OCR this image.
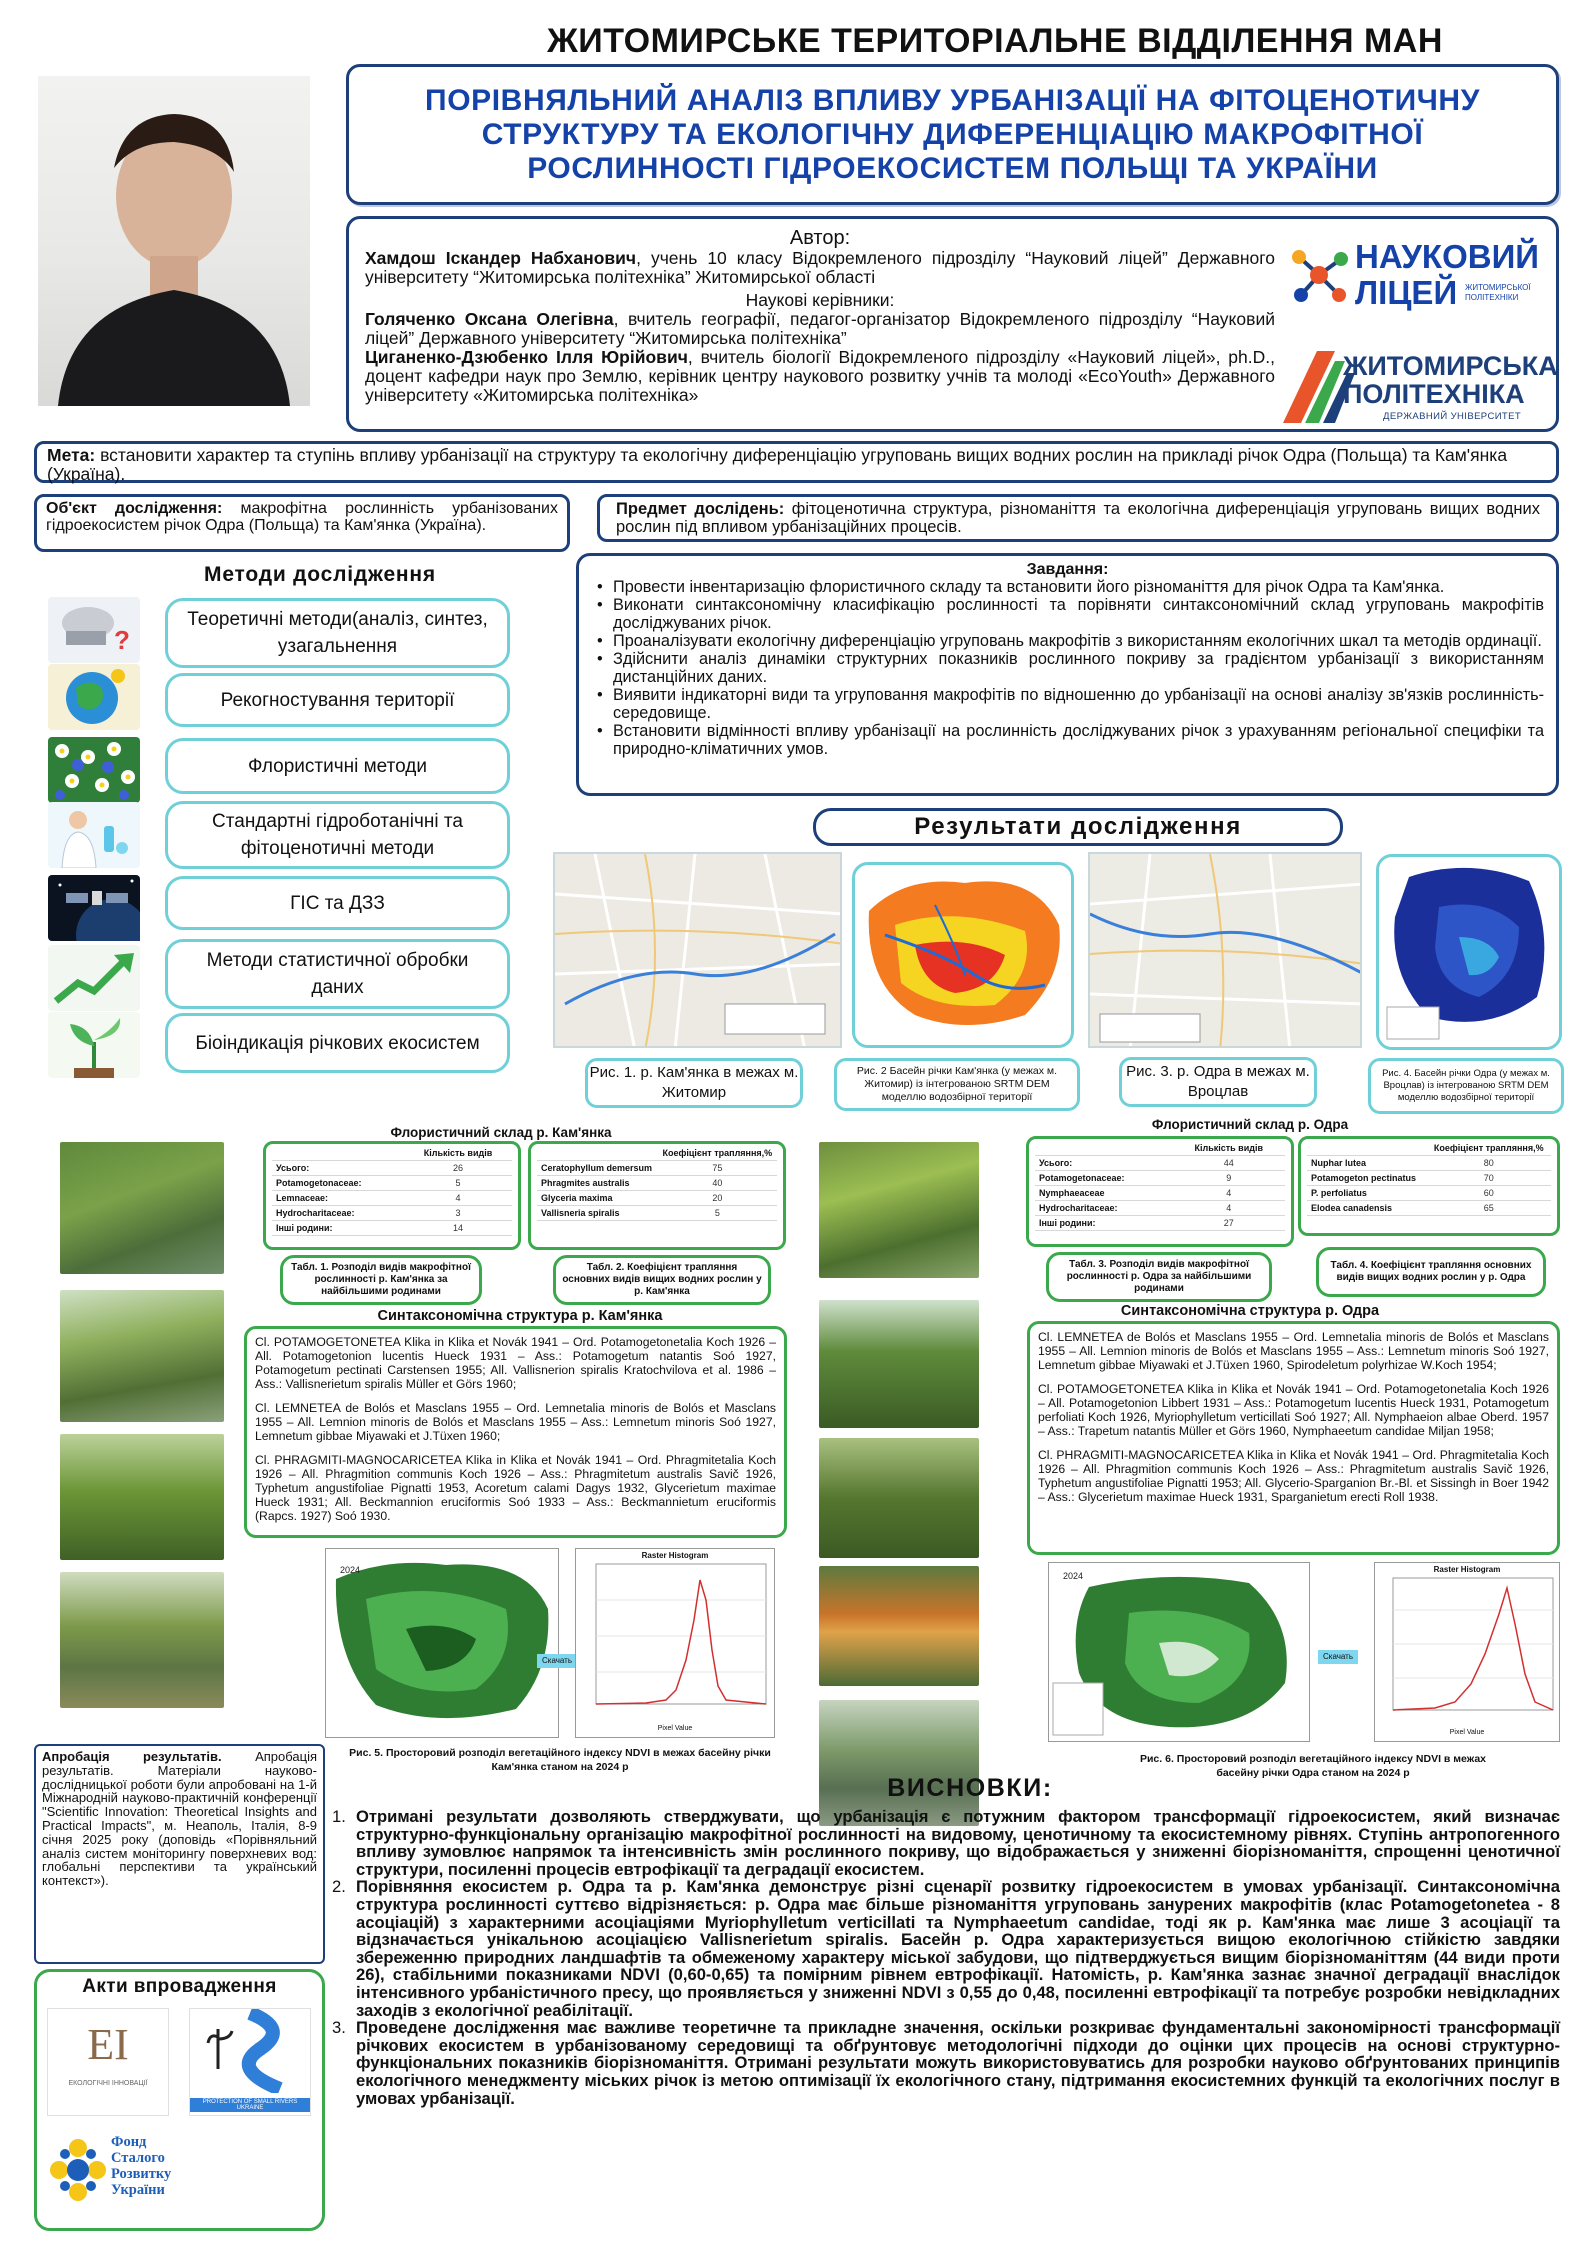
ЖИТОМИРСЬКЕ ТЕРИТОРІАЛЬНЕ ВІДДІЛЕННЯ МАН
ПОРІВНЯЛЬНИЙ АНАЛІЗ ВПЛИВУ УРБАНІЗАЦІЇ НА ФІТОЦЕНОТИЧНУ
СТРУКТУРУ ТА ЕКОЛОГІЧНУ ДИФЕРЕНЦІАЦІЮ МАКРОФІТНОЇ
РОСЛИННОСТІ ГІДРОЕКОСИСТЕМ ПОЛЬЩІ ТА УКРАЇНИ
Автор:
Хамдош Іскандер Набханович, учень 10 класу Відокремленого підрозділу “Науковий ліцей” Державного університету “Житомирська політехніка” Житомирської області
Наукові керівники:
Голяченко Оксана Олегівна, вчитель географії, педагог-організатор Відокремленого підрозділу “Науковий ліцей” Державного університету “Житомирська політехніка”
Циганенко-Дзюбенко Ілля Юрійович, вчитель біології Відокремленого підрозділу «Науковий ліцей», ph.D., доцент кафедри наук про Землю, керівник центру наукового розвитку учнів та молоді «EcoYouth» Державного університету «Житомирська політехніка»
НАУКОВИЙ
ЛІЦЕЙ ЖИТОМИРСЬКОЇ
ПОЛІТЕХНІКИ
ЖИТОМИРСЬКА
ПОЛІТЕХНІКА
ДЕРЖАВНИЙ УНІВЕРСИТЕТ
Мета: встановити характер та ступінь впливу урбанізації на структуру та екологічну диференціацію угруповань вищих водних рослин на прикладі річок Одра (Польща) та Кам'янка (Україна).
Об'єкт дослідження: макрофітна рослинність урбанізованих гідроекосистем річок Одра (Польща) та Кам'янка (Україна).
Предмет дослідень: фітоценотична структура, різноманіття та екологічна диференціація угруповань вищих водних рослин під впливом урбанізаційних процесів.
Завдання:
• Провести інвентаризацію флористичного складу та встановити його різноманіття для річок Одра та Кам'янка.
• Виконати синтаксономічну класифікацію рослинності та порівняти синтаксономічний склад угруповань макрофітів досліджуваних річок.
• Проаналізувати екологічну диференціацію угруповань макрофітів з використанням екологічних шкал та методів ординації.
• Здійснити аналіз динаміки структурних показників рослинного покриву за градієнтом урбанізації з використанням дистанційних даних.
• Виявити індикаторні види та угруповання макрофітів по відношенню до урбанізації на основі аналізу зв'язків рослинність-середовище.
• Встановити відмінності впливу урбанізації на рослинність досліджуваних річок з урахуванням регіональної специфіки та природно-кліматичних умов.
Методи дослідження
?
Теоретичні методи(аналіз, синтез, узагальнення
Рекогностування території
Флористичні методи
Стандартні гідроботанічні та фітоценотичні методи
ГІС та ДЗЗ
Методи статистичної обробки даних
Біоіндикація річкових екосистем
Результати дослідження
Рис. 1. р. Кам'янка в межах м. Житомир
Рис. 2 Басейн річки Кам'янка (у межах м. Житомир) із інтегрованою SRTM DEM моделлю водозбірної території
Рис. 3. р. Одра в межах м. Вроцлав
Рис. 4. Басейн річки Одра (у межах м. Вроцлав) із інтегрованою SRTM DEM моделлю водозбірної території
Флористичний склад р. Кам'янка
	Кількість видів
Усього:	26
Potamogetonaceae:	5
Lemnaceae:	4
Hydrocharitaceae:	3
Інші родини:	14
	Коефіцієнт трапляння,%
Ceratophyllum demersum	75
Phragmites australis	40
Glyceria maxima	20
Vallisneria spiralis	5
Табл. 1. Розподіл видів макрофітної рослинності р. Кам'янка за найбільшими родинами
Табл. 2. Коефіцієнт трапляння основних видів вищих водних рослин у р. Кам'янка
Синтаксономічна структура р. Кам'янка

Cl. POTAMOGETONETEA Klika in Klika et Novák 1941 – Ord. Potamogetonetalia Koch 1926 – All. Potamogetonion lucentis Hueck 1931 – Ass.: Potamogetum natantis Soó 1927, Potamogetum pectinati Carstensen 1955; All. Vallisnerion spiralis Kratochvilova et al. 1986 – Ass.: Vallisnerietum spiralis Müller et Görs 1960;

Cl. LEMNETEA de Bolós et Masclans 1955 – Ord. Lemnetalia minoris de Bolós et Masclans 1955 – All. Lemnion minoris de Bolós et Masclans 1955 – Ass.: Lemnetum minoris Soó 1927, Lemnetum gibbae Miyawaki et J.Tüxen 1960;

Cl. PHRAGMITI-MAGNOCARICETEA Klika in Klika et Novák 1941 – Ord. Phragmitetalia Koch 1926 – All. Phragmition communis Koch 1926 – Ass.: Phragmitetum australis Savič 1926, Typhetum angustifoliae Pignatti 1953, Acoretum calami Dagys 1932, Glycerietum maximae Hueck 1931; All. Beckmannion eruciformis Soó 1933 – Ass.: Beckmannietum eruciformis (Rapcs. 1927) Soó 1930.

2024
Скачать
Raster Histogram
Pixel Value
Рис. 5. Просторовий розподіл вегетаційного індексу NDVI в межах басейну річки Кам'янка станом на 2024 р
Флористичний склад р. Одра
	Кількість видів
Усього:	44
Potamogetonaceae:	9
Nymphaeaceae	4
Hydrocharitaceae:	4
Інші родини:	27
	Коефіцієнт трапляння,%
Nuphar lutea	80
Potamogeton pectinatus	70
P. perfoliatus	60
Elodea canadensis	65
Табл. 3. Розподіл видів макрофітної рослинності р. Одра за найбільшими родинами
Табл. 4. Коефіцієнт трапляння основних видів вищих водних рослин у р. Одра
Синтаксономічна структура р. Одра

Cl. LEMNETEA de Bolós et Masclans 1955 – Ord. Lemnetalia minoris de Bolós et Masclans 1955 – All. Lemnion minoris de Bolós et Masclans 1955 – Ass.: Lemnetum minoris Soó 1927, Lemnetum gibbae Miyawaki et J.Tüxen 1960, Spirodeletum polyrhizae W.Koch 1954;

Cl. POTAMOGETONETEA Klika in Klika et Novák 1941 – Ord. Potamogetonetalia Koch 1926 – All. Potamogetonion Libbert 1931 – Ass.: Potamogetum lucentis Hueck 1931, Potamogetum perfoliati Koch 1926, Myriophylletum verticillati Soó 1927; All. Nymphaeion albae Oberd. 1957 – Ass.: Trapetum natantis Müller et Görs 1960, Nymphaeetum candidae Miljan 1958;

Cl. PHRAGMITI-MAGNOCARICETEA Klika in Klika et Novák 1941 – Ord. Phragmitetalia Koch 1926 – All. Phragmition communis Koch 1926 – Ass.: Phragmitetum australis Savič 1926, Typhetum angustifoliae Pignatti 1953; All. Glycerio-Sparganion Br.-Bl. et Sissingh in Boer 1942 – Ass.: Glycerietum maximae Hueck 1931, Sparganietum erecti Roll 1938.

2024
Скачать
Raster Histogram
Pixel Value
Рис. 6. Просторовий розподіл вегетаційного індексу NDVI в межах басейну річки Одра станом на 2024 р
Апробація результатів. Апробація результатів. Матеріали науково-дослідницької роботи були апробовані на 1-й Міжнародній науково-практичній конференції "Scientific Innovation: Theoretical Insights and Practical Impacts", м. Неаполь, Італія, 8-9 січня 2025 року (доповідь «Порівняльний аналіз систем моніторингу поверхневих вод: глобальні перспективи та український контекст»).
Акти впровадження
ЕI
ЕКОЛОГІЧНІ ІННОВАЦІЇ
PROTECTION OF SMALL RIVERS UKRAINE
Фонд
Сталого
Розвитку
України
ВИСНОВКИ:
1. Отримані результати дозволяють стверджувати, що урбанізація є потужним фактором трансформації гідроекосистем, який визначає структурно-функціональну організацію макрофітної рослинності на видовому, ценотичному та екосистемному рівнях. Ступінь антропогенного впливу зумовлює напрямок та інтенсивність змін рослинного покриву, що відображається у зниженні біорізноманіття, спрощенні ценотичної структури, посиленні процесів евтрофікації та деградації екосистем.
2. Порівняння екосистем р. Одра та р. Кам'янка демонструє різні сценарії розвитку гідроекосистем в умовах урбанізації. Синтаксономічна структура рослинності суттєво відрізняється: р. Одра має більше різноманіття угруповань занурених макрофітів (клас Potamogetonetea - 8 асоціацій) з характерними асоціаціями Myriophylletum verticillati та Nymphaeetum candidae, тоді як р. Кам'янка має лише 3 асоціації та відзначається унікальною асоціацією Vallisnerietum spiralis. Басейн р. Одра характеризується вищою екологічною стійкістю завдяки збереженню природних ландшафтів та обмеженому характеру міської забудови, що підтверджується вищим біорізноманіттям (44 види проти 26), стабільними показниками NDVI (0,60-0,65) та помірним рівнем евтрофікації. Натомість, р. Кам'янка зазнає значної деградації внаслідок інтенсивного урбаністичного пресу, що проявляється у зниженні NDVI з 0,55 до 0,48, посиленні евтрофікації та потребує розробки невідкладних заходів з екологічної реабілітації.
3. Проведене дослідження має важливе теоретичне та прикладне значення, оскільки розкриває фундаментальні закономірності трансформації річкових екосистем в урбанізованому середовищі та обґрунтовує методологічні підходи до оцінки цих процесів на основі структурно-функціональних показників біорізноманіття. Отримані результати можуть використовуватись для розробки науково обґрунтованих принципів екологічного менеджменту міських річок із метою оптимізації їх екологічного стану, підтримання екосистемних функцій та екологічних послуг в умовах урбанізації.
